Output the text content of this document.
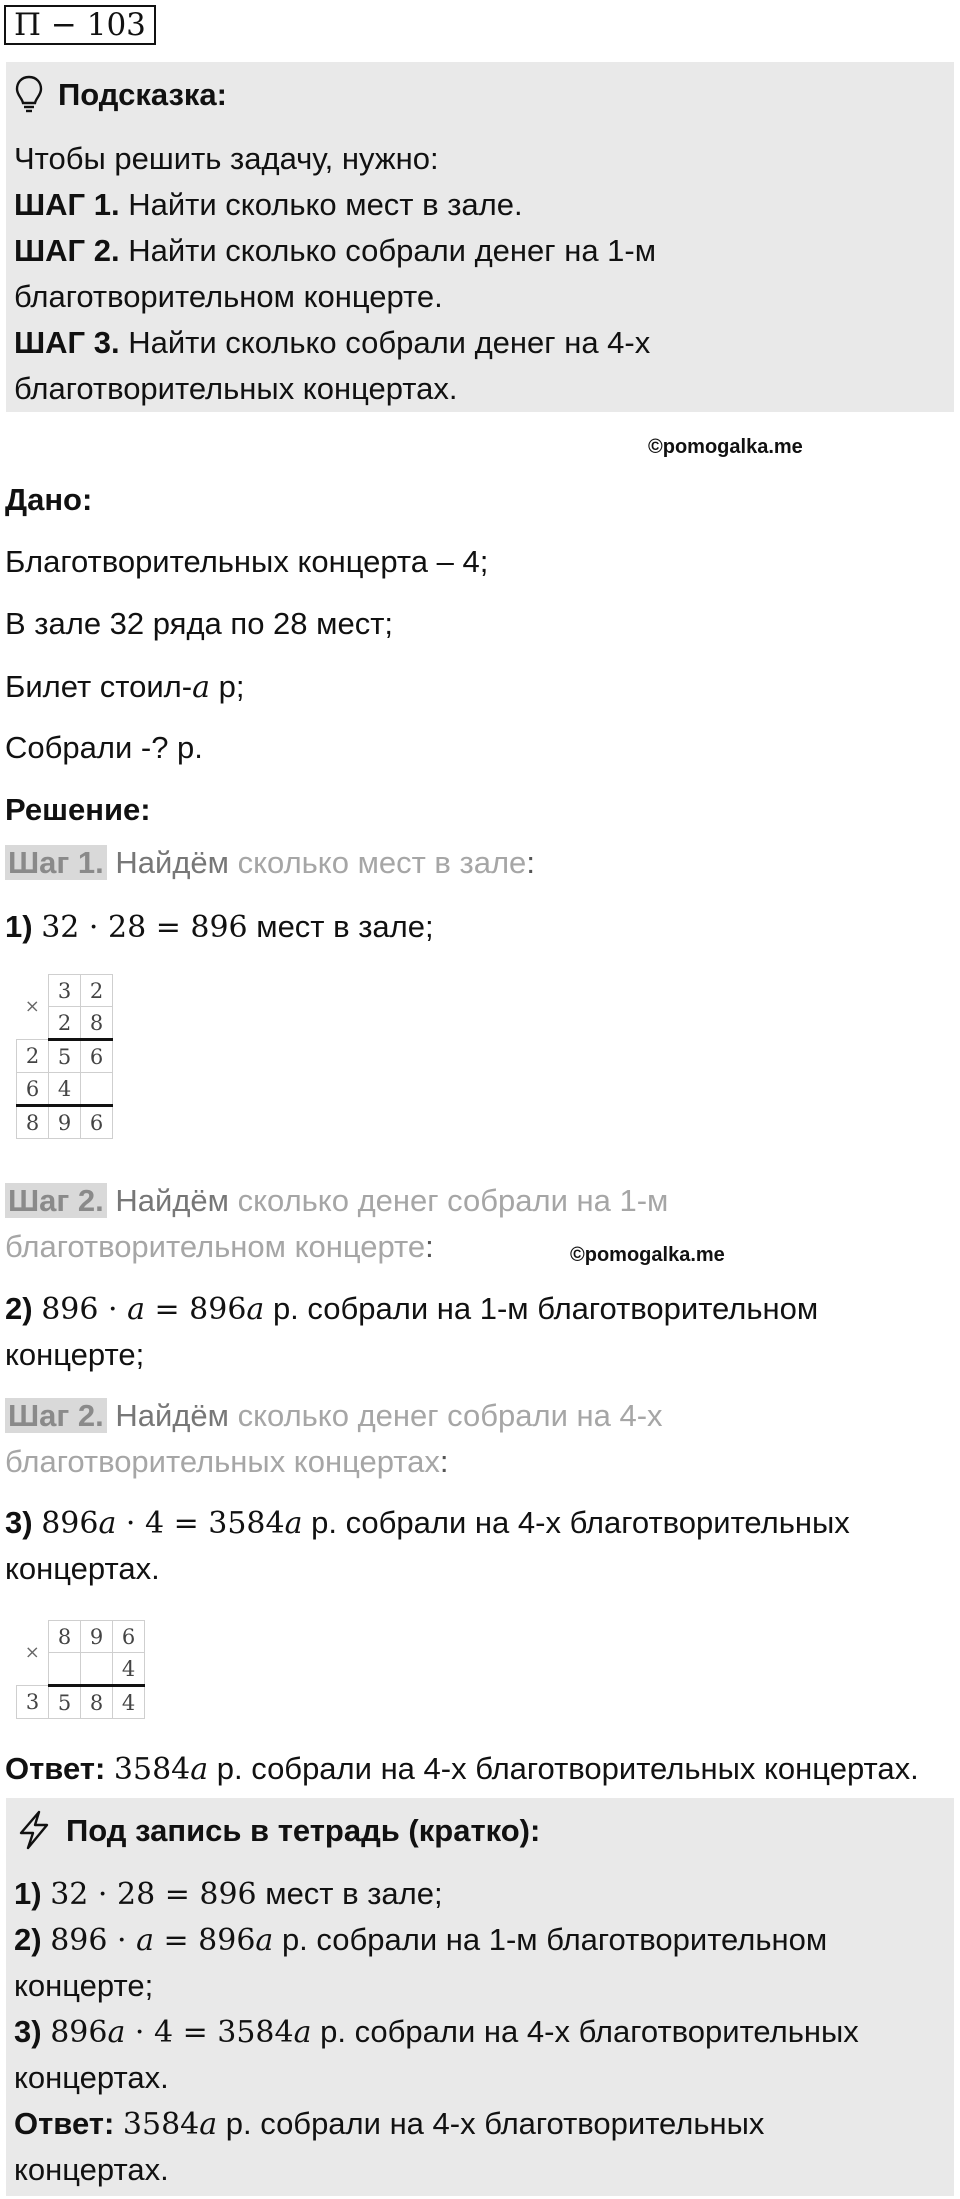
П − 103
Подсказка:
Чтобы решить задачу, нужно:
ШАГ 1. Найти сколько мест в зале.
ШАГ 2. Найти сколько собрали денег на 1-м
благотворительном концерте.
ШАГ 3. Найти сколько собрали денег на 4-х
благотворительных концертах.
©pomogalka.me
Дано:
Благотворительных концерта – 4;
В зале 32 ряда по 28 мест;
Билет стоил-a р;
Собрали -? р.
Решение:
Шаг 1. Найдём сколько мест в зале:
1) 32 · 28 = 896 мест в зале;
×	3	2
	2	8
2	5	6
6	4	
8	9	6
Шаг 2. Найдём сколько денег собрали на 1-м
благотворительном концерте:	©pomogalka.me
2) 896 · 𝑎 = 896𝑎 р. собрали на 1-м благотворительном
концерте;
Шаг 2. Найдём сколько денег собрали на 4-х
благотворительных концертах:
3) 896𝑎 · 4 = 3584𝑎 р. собрали на 4-х благотворительных
концертах.
×	8	9	6
			4
3	5	8	4
Ответ: 3584𝑎 р. собрали на 4-х благотворительных концертах.
Под запись в тетрадь (кратко):
1) 32 · 28 = 896 мест в зале;
2) 896 · 𝑎 = 896𝑎 р. собрали на 1-м благотворительном
концерте;
3) 896𝑎 · 4 = 3584𝑎 р. собрали на 4-х благотворительных
концертах.
Ответ: 3584𝑎 р. собрали на 4-х благотворительных
концертах.
